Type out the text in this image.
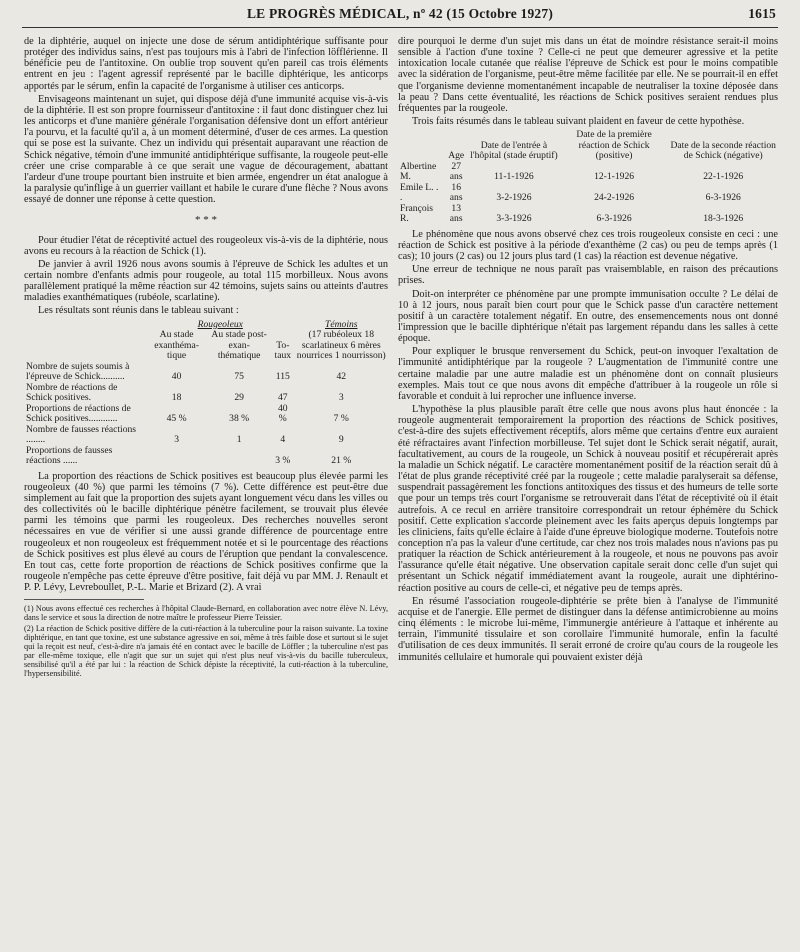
LE PROGRÈS MÉDICAL, nº 42 (15 Octobre 1927)	1615

de la diphtérie, auquel on injecte une dose de sérum antidiphtérique suffisante pour protéger des individus sains, n'est pas toujours mis à l'abri de l'infection löfflérienne. Il bénéficie peu de l'antitoxine. On oublie trop souvent qu'en pareil cas trois éléments entrent en jeu : l'agent agressif représenté par le bacille diphtérique, les anticorps apportés par le sérum, enfin la capacité de l'organisme à utiliser ces anticorps.

Envisageons maintenant un sujet, qui dispose déjà d'une immunité acquise vis-à-vis de la diphtérie. Il est son propre fournisseur d'antitoxine : il faut donc distinguer chez lui les anticorps et d'une manière générale l'organisation défensive dont un effort antérieur l'a pourvu, et la faculté qu'il a, à un moment déterminé, d'user de ces armes. La question qui se pose est la suivante. Chez un individu qui présentait auparavant une réaction de Schick négative, témoin d'une immunité antidiphtérique suffisante, la rougeole peut-elle créer une crise comparable à ce que serait une vague de découragement, abattant l'ardeur d'une troupe pourtant bien instruite et bien armée, engendrer un état analogue à la paralysie qu'inflige à un guerrier vaillant et habile le curare d'une flèche ? Nous avons essayé de donner une réponse à cette question.

* * *

Pour étudier l'état de réceptivité actuel des rougeoleux vis-à-vis de la diphtérie, nous avons eu recours à la réaction de Schick (1).

De janvier à avril 1926 nous avons soumis à l'épreuve de Schick les adultes et un certain nombre d'enfants admis pour rougeole, au total 115 morbilleux. Nous avons parallèlement pratiqué la même réaction sur 42 témoins, sujets sains ou atteints d'autres maladies exanthématiques (rubéole, scarlatine).

Les résultats sont réunis dans le tableau suivant :

	Rougeoleux			Témoins
	Au stade exanthéma-tique	Au stade post-exan-thématique	To-taux	(17 rubéoleux 18 scarlatineux 6 mères nourrices 1 nourrisson)
Nombre de sujets soumis à l'épreuve de Schick..........	40	75	115	42
Nombre de réactions de Schick positives.	18	29	47	3
Proportions de réactions de Schick positives............	45 %	38 %	40 %	7 %
Nombre de fausses réactions ........	3	1	4	9
Proportions de fausses réactions ......			3 %	21 %

La proportion des réactions de Schick positives est beaucoup plus élevée parmi les rougeoleux (40 %) que parmi les témoins (7 %). Cette différence est peut-être due simplement au fait que la proportion des sujets ayant longuement vécu dans les villes ou des collectivités où le bacille diphtérique pénètre facilement, se trouvait plus élevée parmi les témoins que parmi les rougeoleux. Des recherches nouvelles seront nécessaires en vue de vérifier si une aussi grande différence de pourcentage entre rougeoleux et non rougeoleux est fréquemment notée et si le pourcentage des réactions de Schick positives est plus élevé au cours de l'éruption que pendant la convalescence. En tout cas, cette forte proportion de réactions de Schick positives confirme que la rougeole n'empêche pas cette épreuve d'être positive, fait déjà vu par MM. J. Renault et P. P. Lévy, Levreboullet, P.-L. Marie et Brizard (2). A vrai

(1) Nous avons effectué ces recherches à l'hôpital Claude-Bernard, en collaboration avec notre élève N. Lévy, dans le service et sous la direction de notre maître le professeur Pierre Teissier.

(2) La réaction de Schick positive diffère de la cuti-réaction à la tuberculine pour la raison suivante. La toxine diphtérique, en tant que toxine, est une substance agressive en soi, même à très faible dose et surtout si le sujet qui la reçoit est neuf, c'est-à-dire n'a jamais été en contact avec le bacille de Löffler ; la tuberculine n'est pas par elle-même toxique, elle n'agit que sur un sujet qui n'est plus neuf vis-à-vis du bacille tuberculeux, sensibilisé qu'il a été par lui : la réaction de Schick dépiste la réceptivité, la cuti-réaction à la tuberculine, l'hypersensibilité.

dire pourquoi le derme d'un sujet mis dans un état de moindre résistance serait-il moins sensible à l'action d'une toxine ? Celle-ci ne peut que demeurer agressive et la petite intoxication locale cutanée que réalise l'épreuve de Schick est pour le moins compatible avec la sidération de l'organisme, peut-être même facilitée par elle. Ne se pourrait-il en effet que l'organisme devienne momentanément incapable de neutraliser la toxine déposée dans la peau ? Dans cette éventualité, les réactions de Schick positives seraient rendues plus fréquentes par la rougeole.

Trois faits résumés dans le tableau suivant plaident en faveur de cette hypothèse.

	Age	Date de l'entrée à l'hôpital (stade éruptif)	Date de la première réaction de Schick (positive)	Date de la seconde réaction de Schick (négative)
Albertine M.	27 ans	11-1-1926	12-1-1926	22-1-1926
Emile L. . .	16 ans	3-2-1926	24-2-1926	6-3-1926
François R.	13 ans	3-3-1926	6-3-1926	18-3-1926

Le phénomène que nous avons observé chez ces trois rougeoleux consiste en ceci : une réaction de Schick est positive à la période d'exanthème (2 cas) ou peu de temps après (1 cas); 10 jours (2 cas) ou 12 jours plus tard (1 cas) la réaction est devenue négative.

Une erreur de technique ne nous paraît pas vraisemblable, en raison des précautions prises.

Doit-on interpréter ce phénomène par une prompte immunisation occulte ? Le délai de 10 à 12 jours, nous paraît bien court pour que le Schick passe d'un caractère nettement positif à un caractère totalement négatif. En outre, des ensemencements nous ont donné l'impression que le bacille diphtérique n'était pas largement répandu dans les salles à cette époque.

Pour expliquer le brusque renversement du Schick, peut-on invoquer l'exaltation de l'immunité antidiphtérique par la rougeole ? L'augmentation de l'immunité contre une certaine maladie par une autre maladie est un phénomène dont on connaît plusieurs exemples. Mais tout ce que nous avons dit empêche d'attribuer à la rougeole un rôle si favorable et conduit à lui reprocher une influence inverse.

L'hypothèse la plus plausible paraît être celle que nous avons plus haut énoncée : la rougeole augmenterait temporairement la proportion des réactions de Schick positives, c'est-à-dire des sujets effectivement réceptifs, alors même que certains d'entre eux auraient été réfractaires avant l'infection morbilleuse. Tel sujet dont le Schick serait négatif, aurait, facultativement, au cours de la rougeole, un Schick à nouveau positif et récupérerait après la maladie un Schick négatif. Le caractère momentanément positif de la réaction serait dû à l'état de plus grande réceptivité créé par la rougeole ; cette maladie paralyserait sa défense, suspendrait passagèrement les fonctions antitoxiques des tissus et des humeurs de telle sorte que pour un temps très court l'organisme se retrouverait dans l'état de réceptivité où il était autrefois. A ce recul en arrière transitoire correspondrait un retour éphémère du Schick positif. Cette explication s'accorde pleinement avec les faits aperçus depuis longtemps par les cliniciens, faits qu'elle éclaire à l'aide d'une épreuve biologique moderne. Toutefois notre conception n'a pas la valeur d'une certitude, car chez nos trois malades nous n'avions pas pu pratiquer la réaction de Schick antérieurement à la rougeole, et nous ne pouvons pas avoir l'assurance qu'elle était négative. Une observation capitale serait donc celle d'un sujet qui présentant un Schick négatif immédiatement avant la rougeole, aurait une diphtérino-réaction positive au cours de celle-ci, et négative peu de temps après.

En résumé l'association rougeole-diphtérie se prête bien à l'analyse de l'immunité acquise et de l'anergie. Elle permet de distinguer dans la défense antimicrobienne au moins cinq éléments : le microbe lui-même, l'immunergie antérieure à l'attaque et inhérente au terrain, l'immunité tissulaire et son corollaire l'immunité humorale, enfin la faculté d'utilisation de ces deux immunités. Il serait erroné de croire qu'au cours de la rougeole les immunités cellulaire et humorale qui pouvaient exister déjà
